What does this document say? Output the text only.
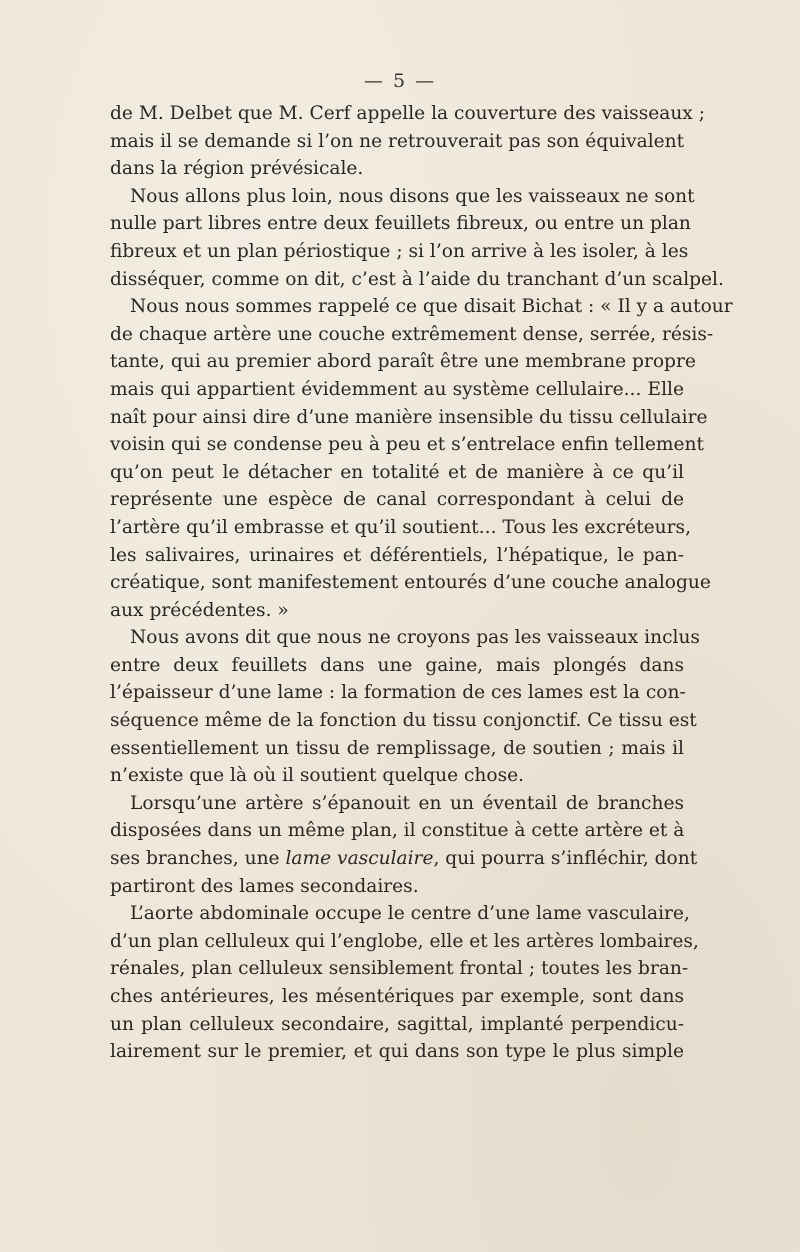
— 5 —
de M. Delbet que M. Cerf appelle la couverture des vaisseaux ;
mais il se demande si l’on ne retrouverait pas son équivalent
dans la région prévésicale.
Nous allons plus loin, nous disons que les vaisseaux ne sont
nulle part libres entre deux feuillets fibreux, ou entre un plan
fibreux et un plan périostique ; si l’on arrive à les isoler, à les
disséquer, comme on dit, c’est à l’aide du tranchant d’un scalpel.
Nous nous sommes rappelé ce que disait Bichat : « Il y a autour
de chaque artère une couche extrêmement dense, serrée, résis-
tante, qui au premier abord paraît être une membrane propre
mais qui appartient évidemment au système cellulaire... Elle
naît pour ainsi dire d’une manière insensible du tissu cellulaire
voisin qui se condense peu à peu et s’entrelace enfin tellement
qu’on peut le détacher en totalité et de manière à ce qu’il
représente une espèce de canal correspondant à celui de
l’artère qu’il embrasse et qu’il soutient... Tous les excréteurs,
les salivaires, urinaires et déférentiels, l’hépatique, le pan-
créatique, sont manifestement entourés d’une couche analogue
aux précédentes. »
Nous avons dit que nous ne croyons pas les vaisseaux inclus
entre deux feuillets dans une gaine, mais plongés dans
l’épaisseur d’une lame : la formation de ces lames est la con-
séquence même de la fonction du tissu conjonctif. Ce tissu est
essentiellement un tissu de remplissage, de soutien ; mais il
n’existe que là où il soutient quelque chose.
Lorsqu’une artère s’épanouit en un éventail de branches
disposées dans un même plan, il constitue à cette artère et à
ses branches, une lame vasculaire, qui pourra s’infléchir, dont
partiront des lames secondaires.
L’aorte abdominale occupe le centre d’une lame vasculaire,
d’un plan celluleux qui l’englobe, elle et les artères lombaires,
rénales, plan celluleux sensiblement frontal ; toutes les bran-
ches antérieures, les mésentériques par exemple, sont dans
un plan celluleux secondaire, sagittal, implanté perpendicu-
lairement sur le premier, et qui dans son type le plus simple
